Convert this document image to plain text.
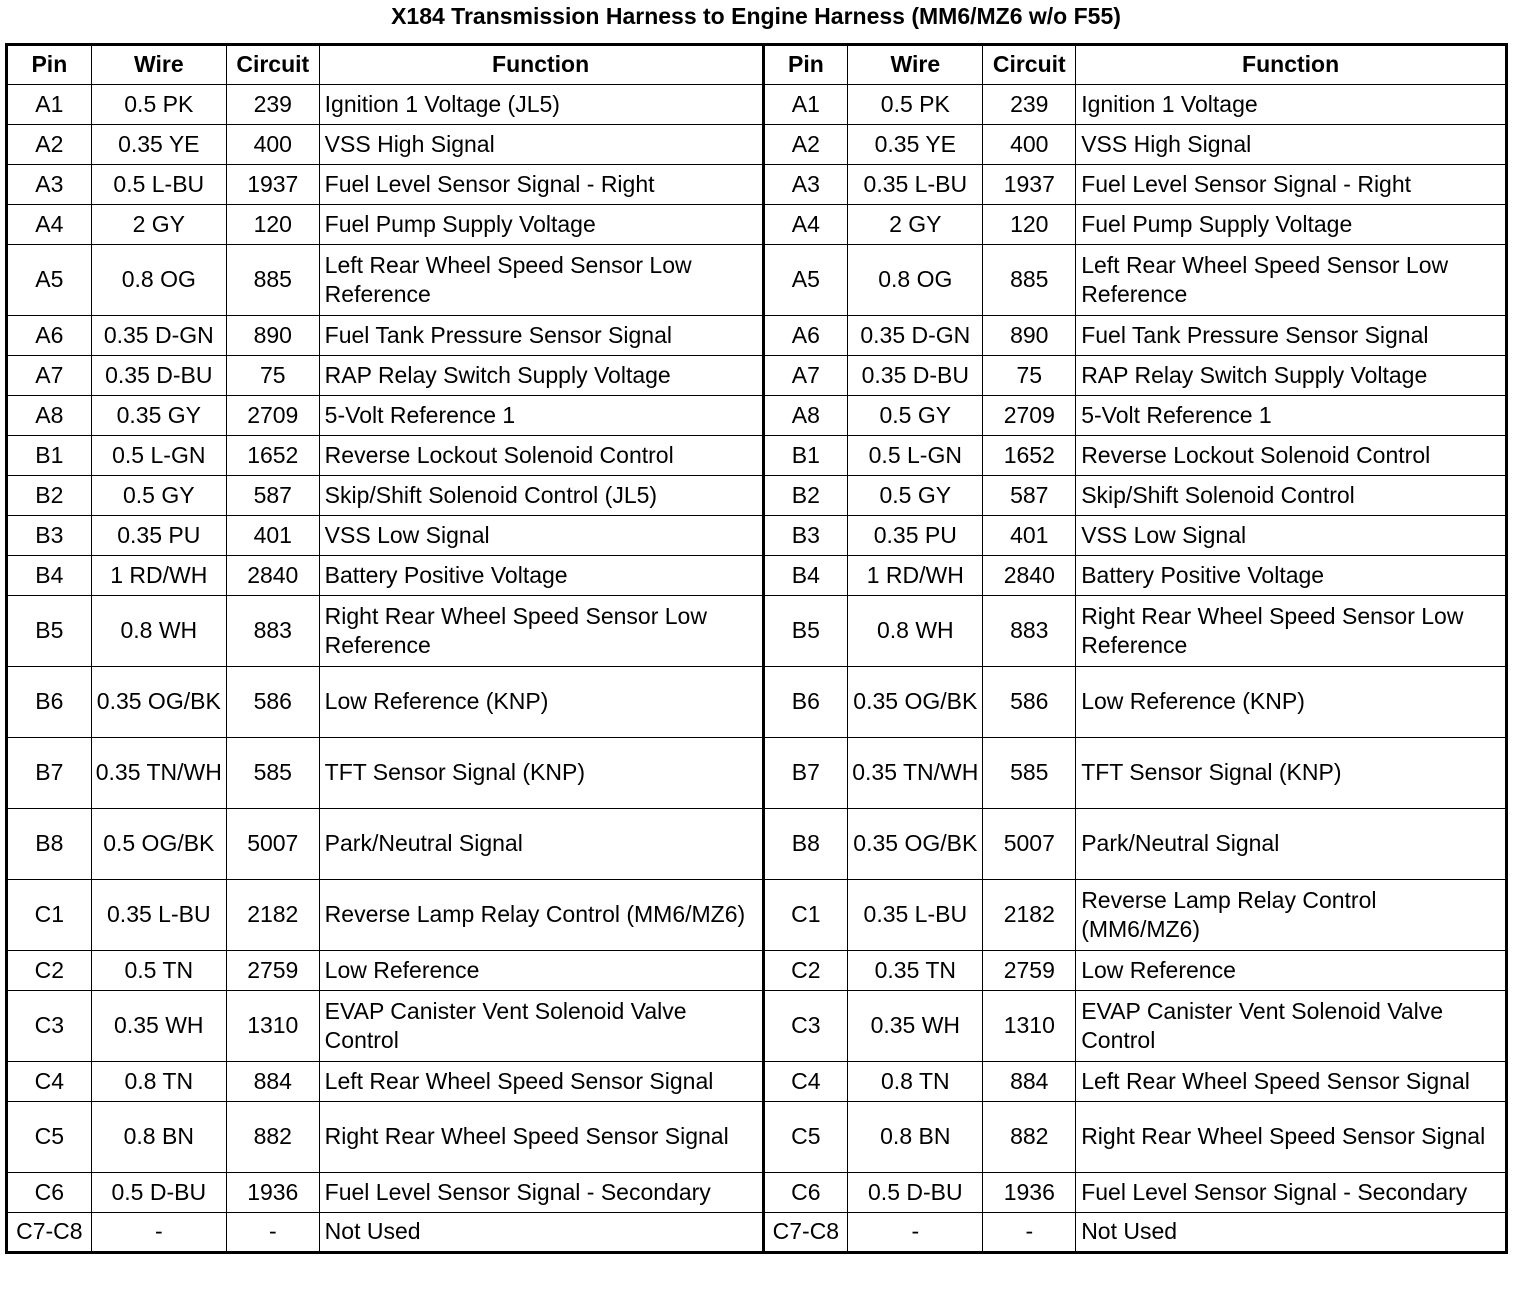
X184 Transmission Harness to Engine Harness (MM6/MZ6 w/o F55)
Pin	Wire	Circuit	Function	Pin	Wire	Circuit	Function
A1	0.5 PK	239	Ignition 1 Voltage (JL5)	A1	0.5 PK	239	Ignition 1 Voltage
A2	0.35 YE	400	VSS High Signal	A2	0.35 YE	400	VSS High Signal
A3	0.5 L-BU	1937	Fuel Level Sensor Signal - Right	A3	0.35 L-BU	1937	Fuel Level Sensor Signal - Right
A4	2 GY	120	Fuel Pump Supply Voltage	A4	2 GY	120	Fuel Pump Supply Voltage
A5	0.8 OG	885	Left Rear Wheel Speed Sensor Low Reference	A5	0.8 OG	885	Left Rear Wheel Speed Sensor Low Reference
A6	0.35 D-GN	890	Fuel Tank Pressure Sensor Signal	A6	0.35 D-GN	890	Fuel Tank Pressure Sensor Signal
A7	0.35 D-BU	75	RAP Relay Switch Supply Voltage	A7	0.35 D-BU	75	RAP Relay Switch Supply Voltage
A8	0.35 GY	2709	5-Volt Reference 1	A8	0.5 GY	2709	5-Volt Reference 1
B1	0.5 L-GN	1652	Reverse Lockout Solenoid Control	B1	0.5 L-GN	1652	Reverse Lockout Solenoid Control
B2	0.5 GY	587	Skip/Shift Solenoid Control (JL5)	B2	0.5 GY	587	Skip/Shift Solenoid Control
B3	0.35 PU	401	VSS Low Signal	B3	0.35 PU	401	VSS Low Signal
B4	1 RD/WH	2840	Battery Positive Voltage	B4	1 RD/WH	2840	Battery Positive Voltage
B5	0.8 WH	883	Right Rear Wheel Speed Sensor Low Reference	B5	0.8 WH	883	Right Rear Wheel Speed Sensor Low Reference
B6	0.35 OG/BK	586	Low Reference (KNP)	B6	0.35 OG/BK	586	Low Reference (KNP)
B7	0.35 TN/WH	585	TFT Sensor Signal (KNP)	B7	0.35 TN/WH	585	TFT Sensor Signal (KNP)
B8	0.5 OG/BK	5007	Park/Neutral Signal	B8	0.35 OG/BK	5007	Park/Neutral Signal
C1	0.35 L-BU	2182	Reverse Lamp Relay Control (MM6/MZ6)	C1	0.35 L-BU	2182	Reverse Lamp Relay Control (MM6/MZ6)
C2	0.5 TN	2759	Low Reference	C2	0.35 TN	2759	Low Reference
C3	0.35 WH	1310	EVAP Canister Vent Solenoid Valve Control	C3	0.35 WH	1310	EVAP Canister Vent Solenoid Valve Control
C4	0.8 TN	884	Left Rear Wheel Speed Sensor Signal	C4	0.8 TN	884	Left Rear Wheel Speed Sensor Signal
C5	0.8 BN	882	Right Rear Wheel Speed Sensor Signal	C5	0.8 BN	882	Right Rear Wheel Speed Sensor Signal
C6	0.5 D-BU	1936	Fuel Level Sensor Signal - Secondary	C6	0.5 D-BU	1936	Fuel Level Sensor Signal - Secondary
C7-C8	-	-	Not Used	C7-C8	-	-	Not Used
